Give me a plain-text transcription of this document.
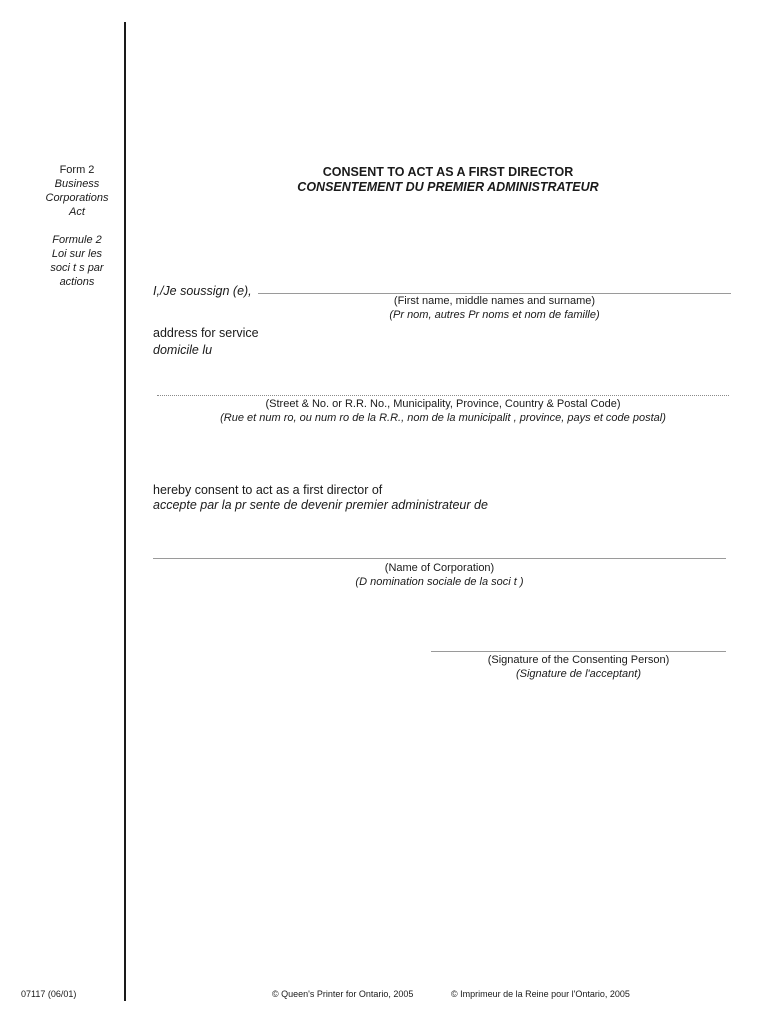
Form 2
Business
Corporations
Act
Formule 2
Loi sur les
soci t s par
actions
CONSENT TO ACT AS A FIRST DIRECTOR
CONSENTEMENT DU PREMIER ADMINISTRATEUR
I,/Je soussign (e),
(First name, middle names and surname)
(Pr nom, autres Pr noms et nom de famille)
address for service
domicile lu
(Street & No. or R.R. No., Municipality, Province, Country & Postal Code)
(Rue et num ro, ou num ro de la R.R., nom de la municipalit , province, pays et code postal)
hereby consent to act as a first director of
accepte par la pr sente de devenir premier administrateur de
(Name of Corporation)
(D nomination sociale de la soci t )
(Signature of the Consenting Person)
(Signature de l'acceptant)
07117 (06/01)	© Queen's Printer for Ontario, 2005	© Imprimeur de la Reine pour l'Ontario, 2005
